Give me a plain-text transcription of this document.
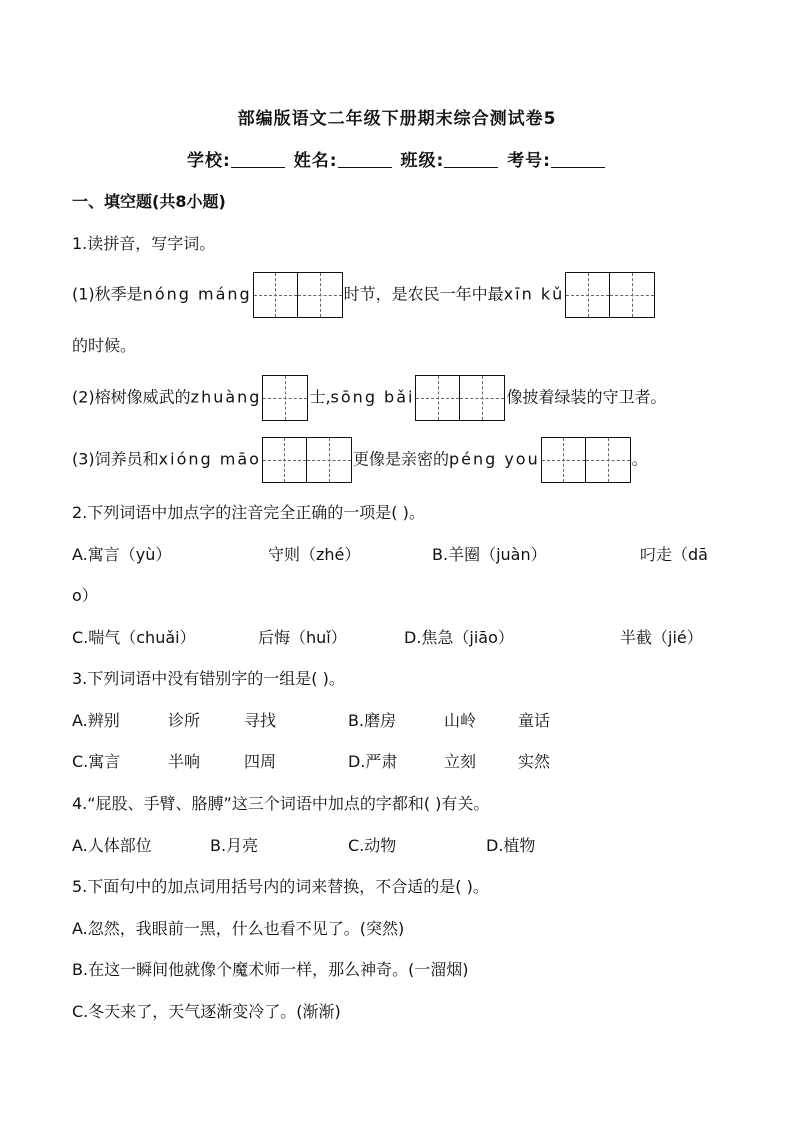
部编版语文二年级下册期末综合测试卷5
学校:	姓名:	班级:	考号:
一、填空题(共8小题)
1.读拼音，写字词。
(1)秋季是nóng máng	时节，是农民一年中最xīn kǔ
的时候。
(2)榕树像威武的zhuàng	士,sōng bǎi	像披着绿装的守卫者。
(3)饲养员和xióng māo	更像是亲密的péng you	。
2.下列词语中加点字的注音完全正确的一项是( )。
A.寓言（yù）	守则（zhé）	B.羊圈（juàn）	叼走（dā
o）
C.喘气（chuǎi）	后悔（huǐ）	D.焦急（jiāo）	半截（jié）
3.下列词语中没有错别字的一组是( )。
A.辨别	诊所	寻找	B.磨房	山岭	童话
C.寓言	半响	四周	D.严肃	立刻	实然
4.“屁股、手臂、胳膊”这三个词语中加点的字都和( )有关。
A.人体部位	B.月亮	C.动物	D.植物
5.下面句中的加点词用括号内的词来替换，不合适的是( )。
A.忽然，我眼前一黑，什么也看不见了。(突然)
B.在这一瞬间他就像个魔术师一样，那么神奇。(一溜烟)
C.冬天来了，天气逐渐变冷了。(渐渐)
